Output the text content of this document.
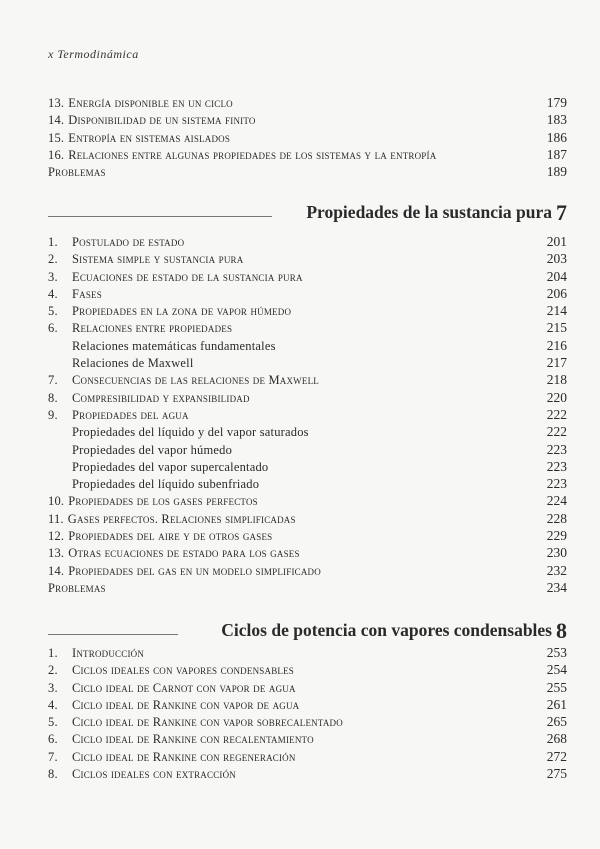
x Termodinámica
13. Energía disponible en un ciclo	179
14. Disponibilidad de un sistema finito	183
15. Entropía en sistemas aislados	186
16. Relaciones entre algunas propiedades de los sistemas y la entropía	187
Problemas	189
Propiedades de la sustancia pura 7
1. Postulado de estado	201
2. Sistema simple y sustancia pura	203
3. Ecuaciones de estado de la sustancia pura	204
4. Fases	206
5. Propiedades en la zona de vapor húmedo	214
6. Relaciones entre propiedades	215
Relaciones matemáticas fundamentales	216
Relaciones de Maxwell	217
7. Consecuencias de las relaciones de Maxwell	218
8. Compresibilidad y expansibilidad	220
9. Propiedades del agua	222
Propiedades del líquido y del vapor saturados	222
Propiedades del vapor húmedo	223
Propiedades del vapor supercalentado	223
Propiedades del líquido subenfriado	223
10. Propiedades de los gases perfectos	224
11. Gases perfectos. Relaciones simplificadas	228
12. Propiedades del aire y de otros gases	229
13. Otras ecuaciones de estado para los gases	230
14. Propiedades del gas en un modelo simplificado	232
Problemas	234
Ciclos de potencia con vapores condensables 8
1. Introducción	253
2. Ciclos ideales con vapores condensables	254
3. Ciclo ideal de Carnot con vapor de agua	255
4. Ciclo ideal de Rankine con vapor de agua	261
5. Ciclo ideal de Rankine con vapor sobrecalentado	265
6. Ciclo ideal de Rankine con recalentamiento	268
7. Ciclo ideal de Rankine con regeneración	272
8. Ciclos ideales con extracción	275
